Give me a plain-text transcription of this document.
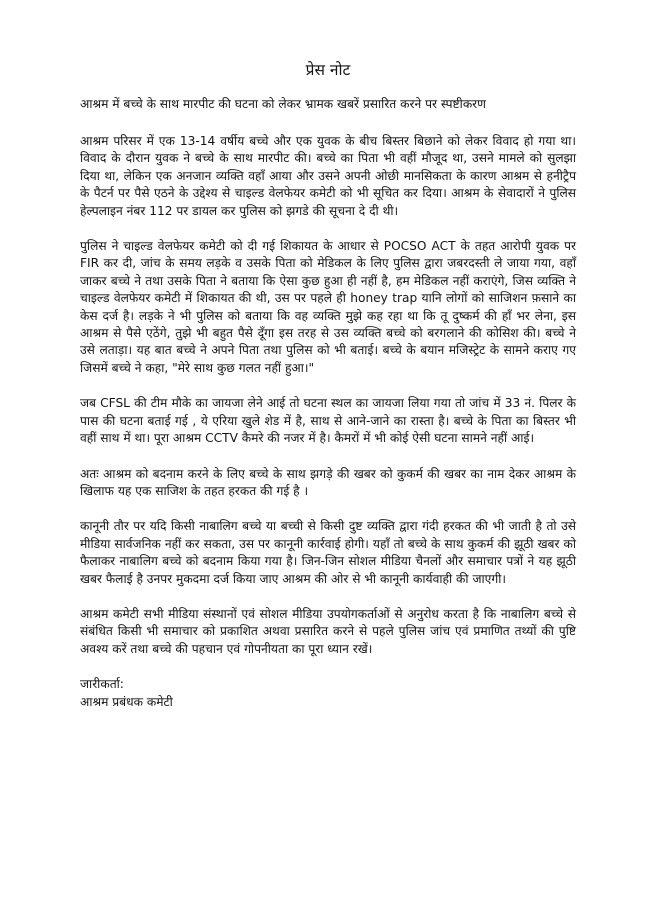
प्रेस नोट
आश्रम में बच्चे के साथ मारपीट की घटना को लेकर भ्रामक खबरें प्रसारित करने पर स्पष्टीकरण

आश्रम परिसर में एक 13-14 वर्षीय बच्चे और एक युवक के बीच बिस्तर बिछाने को लेकर विवाद हो गया था। विवाद के दौरान युवक ने बच्चे के साथ मारपीट की। बच्चे का पिता भी वहीं मौजूद था, उसने मामले को सुलझा दिया था, लेकिन एक अनजान व्यक्ति वहाँ आया और उसने अपनी ओछी मानसिकता के कारण आश्रम से हनीट्रैप के पैटर्न पर पैसे एठने के उद्देश्य से चाइल्ड वेलफेयर कमेटी को भी सूचित कर दिया। आश्रम के सेवादारों ने पुलिस हेल्पलाइन नंबर 112 पर डायल कर पुलिस को झगडे की सूचना दे दी थी।

पुलिस ने चाइल्ड वेलफेयर कमेटी को दी गई शिकायत के आधार से POCSO ACT के तहत आरोपी युवक पर FIR कर दी, जांच के समय लड़के व उसके पिता को मेडिकल के लिए पुलिस द्वारा जबरदस्ती ले जाया गया, वहाँ जाकर बच्चे ने तथा उसके पिता ने बताया कि ऐसा कुछ हुआ ही नहीं है, हम मेडिकल नहीं कराएंगे, जिस व्यक्ति ने चाइल्ड वेलफेयर कमेटी में शिकायत की थी, उस पर पहले ही honey trap यानि लोगों को साजिशन फ़साने का केस दर्ज है। लड़के ने भी पुलिस को बताया कि वह व्यक्ति मुझे कह रहा था कि तू दुष्कर्म की हाँ भर लेना, इस आश्रम से पैसे एठेंगे, तुझे भी बहुत पैसे दूँगा इस तरह से उस व्यक्ति बच्चे को बरगलाने की कोसिश की। बच्चे ने उसे लताड़ा। यह बात बच्चे ने अपने पिता तथा पुलिस को भी बताई। बच्चे के बयान मजिस्ट्रेट के सामने कराए गए जिसमें बच्चे ने कहा, "मेरे साथ कुछ गलत नहीं हुआ।"

जब CFSL की टीम मौके का जायजा लेने आई तो घटना स्थल का जायजा लिया गया तो जांच में 33 नं. पिलर के पास की घटना बताई गई , ये एरिया खुले शेड में है, साथ से आने-जाने का रास्ता है। बच्चे के पिता का बिस्तर भी वहीं साथ में था। पूरा आश्रम CCTV कैमरे की नजर में है। कैमरों में भी कोई ऐसी घटना सामने नहीं आई।

अतः आश्रम को बदनाम करने के लिए बच्चे के साथ झगड़े की खबर को कुकर्म की खबर का नाम देकर आश्रम के खिलाफ यह एक साजिश के तहत हरकत की गई है ।

कानूनी तौर पर यदि किसी नाबालिग बच्चे या बच्ची से किसी दुष्ट व्यक्ति द्वारा गंदी हरकत की भी जाती है तो उसे मीडिया सार्वजनिक नहीं कर सकता, उस पर कानूनी कार्रवाई होगी। यहाँ तो बच्चे के साथ कुकर्म की झूठी खबर को फैलाकर नाबालिग बच्चे को बदनाम किया गया है। जिन-जिन सोशल मीडिया चैनलों और समाचार पत्रों ने यह झूठी खबर फैलाई है उनपर मुकदमा दर्ज किया जाए आश्रम की ओर से भी कानूनी कार्यवाही की जाएगी।

आश्रम कमेटी सभी मीडिया संस्थानों एवं सोशल मीडिया उपयोगकर्ताओं से अनुरोध करता है कि नाबालिग बच्चे से संबंधित किसी भी समाचार को प्रकाशित अथवा प्रसारित करने से पहले पुलिस जांच एवं प्रमाणित तथ्यों की पुष्टि अवश्य करें तथा बच्चे की पहचान एवं गोपनीयता का पूरा ध्यान रखें।

जारीकर्ता:
आश्रम प्रबंधक कमेटी
